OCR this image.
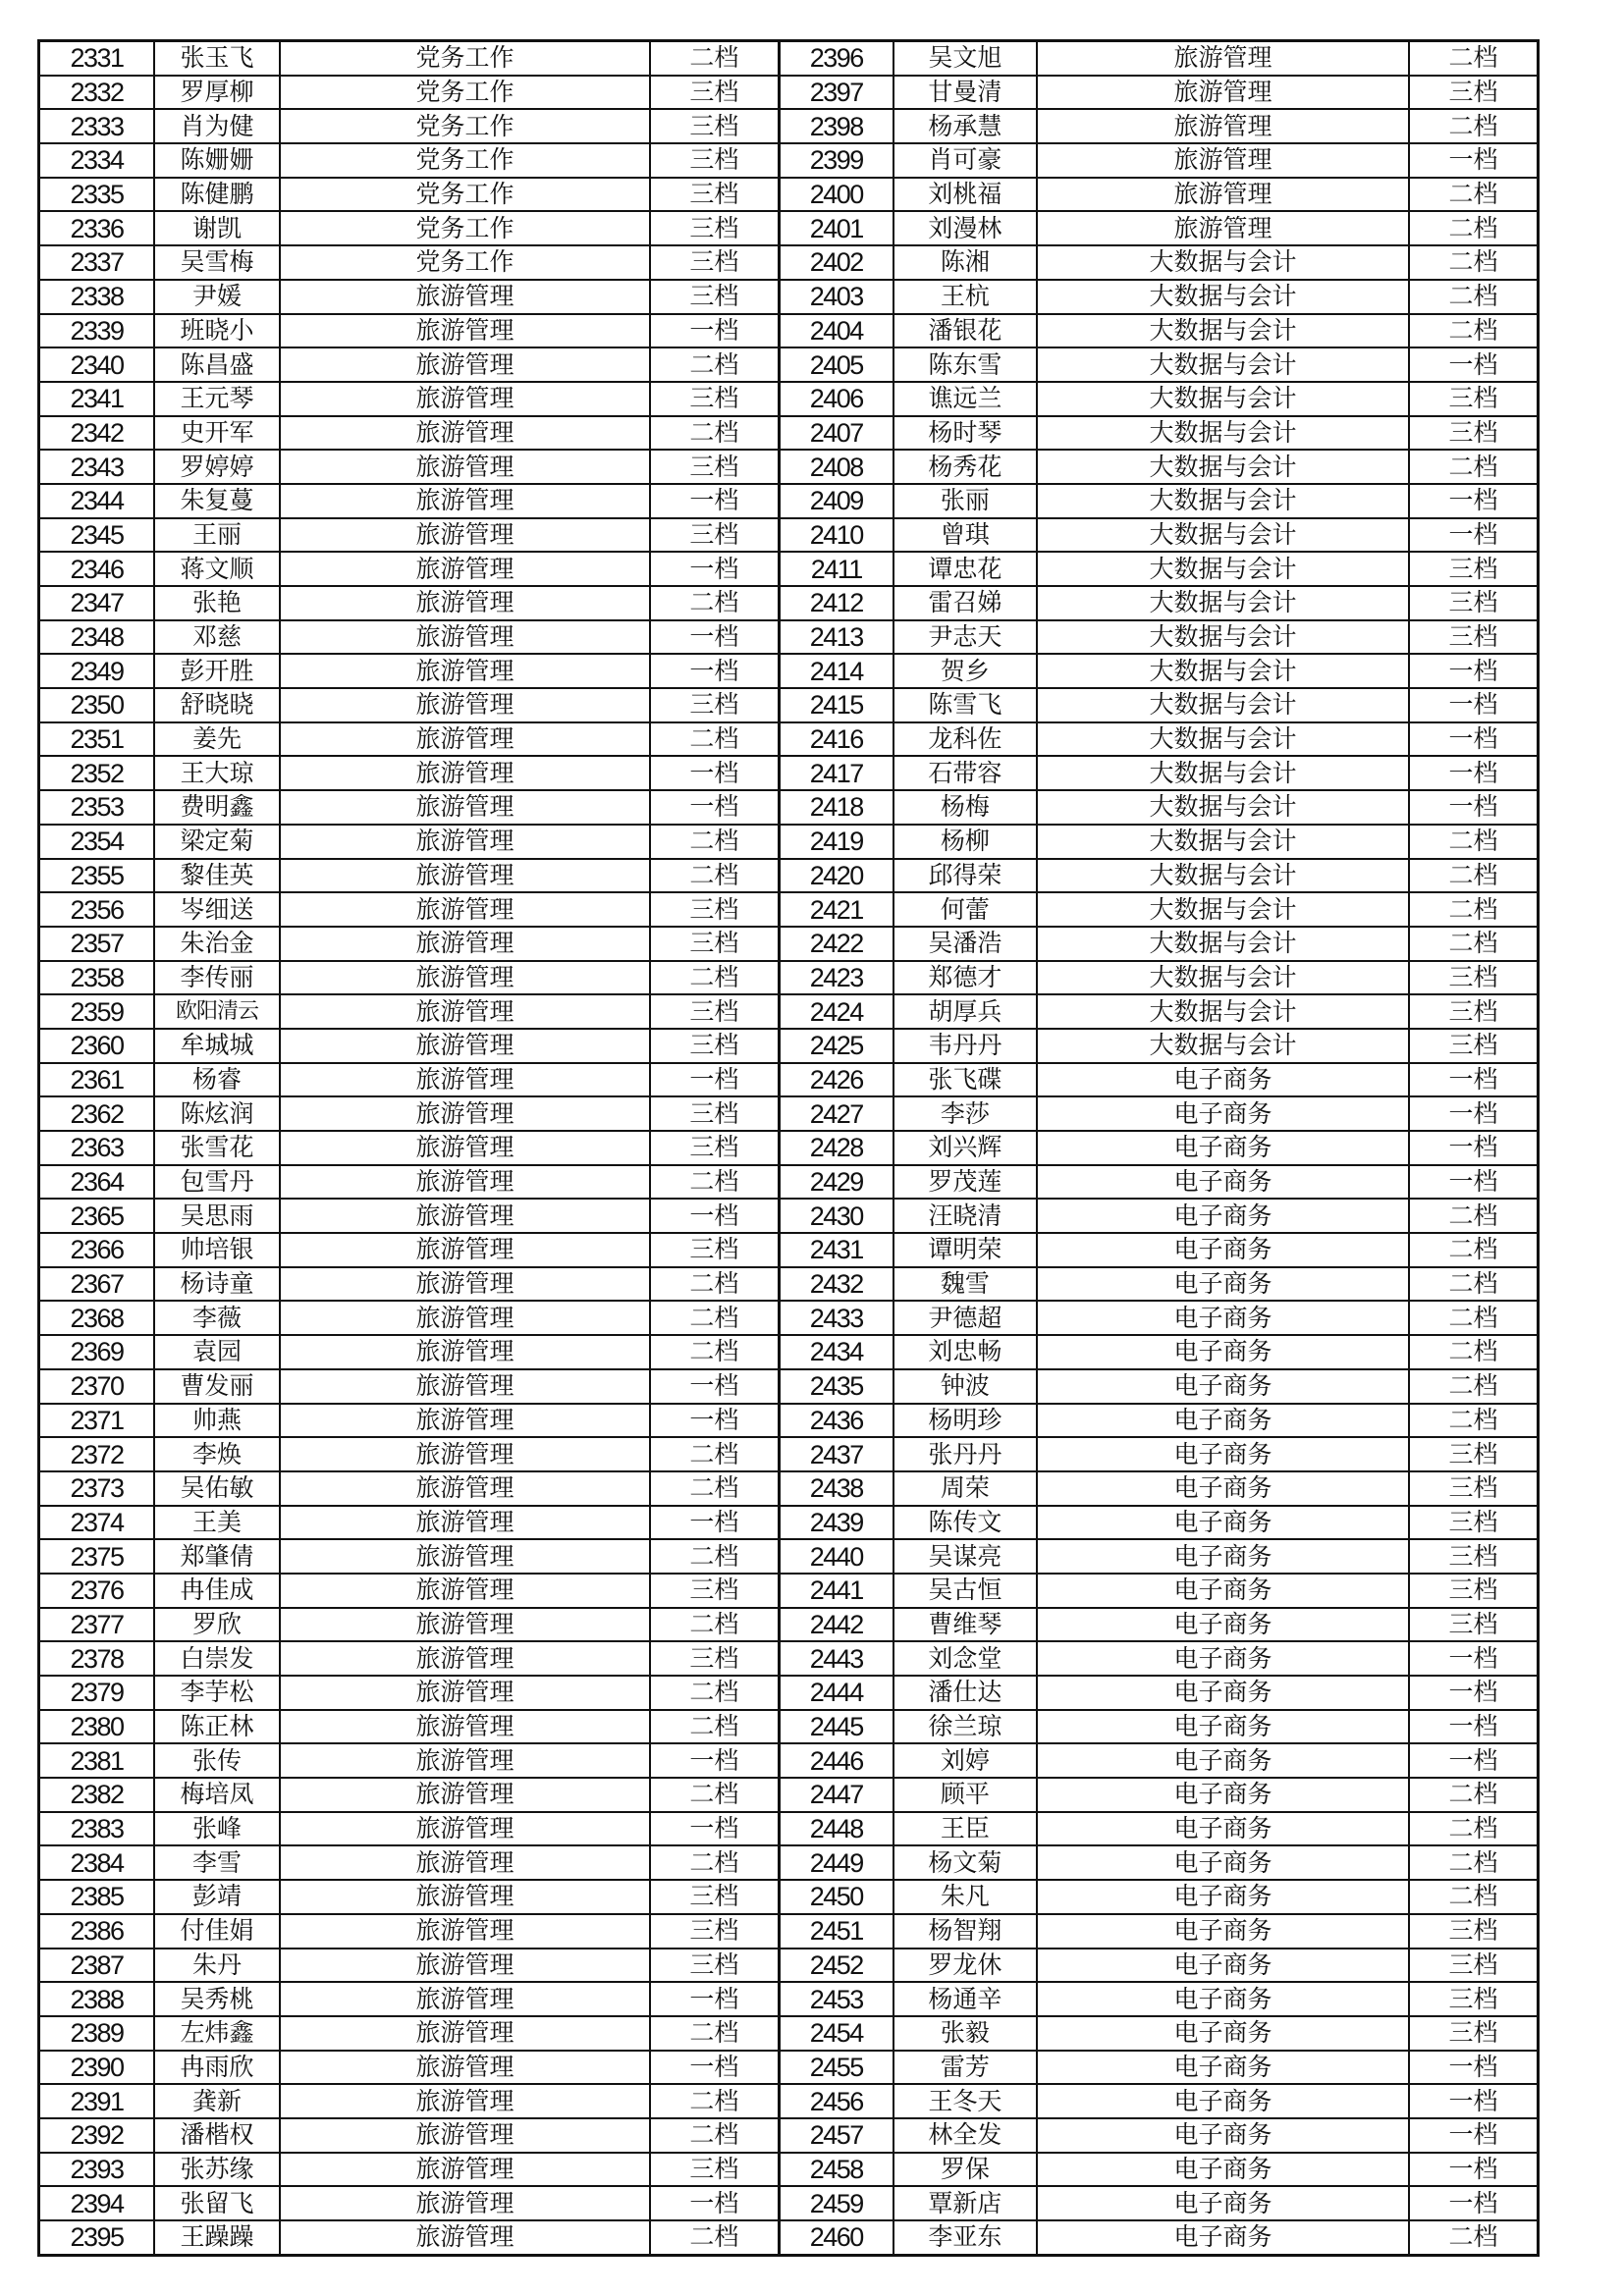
2331	张玉飞	党务工作	二档	2396	吴文旭	旅游管理	二档
2332	罗厚柳	党务工作	三档	2397	甘曼清	旅游管理	三档
2333	肖为健	党务工作	三档	2398	杨承慧	旅游管理	二档
2334	陈姗姗	党务工作	三档	2399	肖可豪	旅游管理	一档
2335	陈健鹏	党务工作	三档	2400	刘桃福	旅游管理	二档
2336	谢凯	党务工作	三档	2401	刘漫林	旅游管理	二档
2337	吴雪梅	党务工作	三档	2402	陈湘	大数据与会计	二档
2338	尹媛	旅游管理	三档	2403	王杭	大数据与会计	二档
2339	班晓小	旅游管理	一档	2404	潘银花	大数据与会计	二档
2340	陈昌盛	旅游管理	二档	2405	陈东雪	大数据与会计	一档
2341	王元琴	旅游管理	三档	2406	谯远兰	大数据与会计	三档
2342	史开军	旅游管理	二档	2407	杨时琴	大数据与会计	三档
2343	罗婷婷	旅游管理	三档	2408	杨秀花	大数据与会计	二档
2344	朱复蔓	旅游管理	一档	2409	张丽	大数据与会计	一档
2345	王丽	旅游管理	三档	2410	曾琪	大数据与会计	一档
2346	蒋文顺	旅游管理	一档	2411	谭忠花	大数据与会计	三档
2347	张艳	旅游管理	二档	2412	雷召娣	大数据与会计	三档
2348	邓慈	旅游管理	一档	2413	尹志天	大数据与会计	三档
2349	彭开胜	旅游管理	一档	2414	贺乡	大数据与会计	一档
2350	舒晓晓	旅游管理	三档	2415	陈雪飞	大数据与会计	一档
2351	姜先	旅游管理	二档	2416	龙科佐	大数据与会计	一档
2352	王大琼	旅游管理	一档	2417	石带容	大数据与会计	一档
2353	费明鑫	旅游管理	一档	2418	杨梅	大数据与会计	一档
2354	梁定菊	旅游管理	二档	2419	杨柳	大数据与会计	二档
2355	黎佳英	旅游管理	二档	2420	邱得荣	大数据与会计	二档
2356	岑细送	旅游管理	三档	2421	何蕾	大数据与会计	二档
2357	朱治金	旅游管理	三档	2422	吴潘浩	大数据与会计	二档
2358	李传丽	旅游管理	二档	2423	郑德才	大数据与会计	三档
2359	欧阳清云	旅游管理	三档	2424	胡厚兵	大数据与会计	三档
2360	牟城城	旅游管理	三档	2425	韦丹丹	大数据与会计	三档
2361	杨睿	旅游管理	一档	2426	张飞碟	电子商务	一档
2362	陈炫润	旅游管理	三档	2427	李莎	电子商务	一档
2363	张雪花	旅游管理	三档	2428	刘兴辉	电子商务	一档
2364	包雪丹	旅游管理	二档	2429	罗茂莲	电子商务	一档
2365	吴思雨	旅游管理	一档	2430	汪晓清	电子商务	二档
2366	帅培银	旅游管理	三档	2431	谭明荣	电子商务	二档
2367	杨诗童	旅游管理	二档	2432	魏雪	电子商务	二档
2368	李薇	旅游管理	二档	2433	尹德超	电子商务	二档
2369	袁园	旅游管理	二档	2434	刘忠畅	电子商务	二档
2370	曹发丽	旅游管理	一档	2435	钟波	电子商务	二档
2371	帅燕	旅游管理	一档	2436	杨明珍	电子商务	二档
2372	李焕	旅游管理	二档	2437	张丹丹	电子商务	三档
2373	吴佑敏	旅游管理	二档	2438	周荣	电子商务	三档
2374	王美	旅游管理	一档	2439	陈传文	电子商务	三档
2375	郑肇倩	旅游管理	二档	2440	吴谋亮	电子商务	三档
2376	冉佳成	旅游管理	三档	2441	吴古恒	电子商务	三档
2377	罗欣	旅游管理	二档	2442	曹维琴	电子商务	三档
2378	白崇发	旅游管理	三档	2443	刘念堂	电子商务	一档
2379	李芋松	旅游管理	二档	2444	潘仕达	电子商务	一档
2380	陈正林	旅游管理	二档	2445	徐兰琼	电子商务	一档
2381	张传	旅游管理	一档	2446	刘婷	电子商务	一档
2382	梅培凤	旅游管理	二档	2447	顾平	电子商务	二档
2383	张峰	旅游管理	一档	2448	王臣	电子商务	二档
2384	李雪	旅游管理	二档	2449	杨文菊	电子商务	二档
2385	彭靖	旅游管理	三档	2450	朱凡	电子商务	二档
2386	付佳娟	旅游管理	三档	2451	杨智翔	电子商务	三档
2387	朱丹	旅游管理	三档	2452	罗龙休	电子商务	三档
2388	吴秀桃	旅游管理	一档	2453	杨通辛	电子商务	三档
2389	左炜鑫	旅游管理	二档	2454	张毅	电子商务	三档
2390	冉雨欣	旅游管理	一档	2455	雷芳	电子商务	一档
2391	龚新	旅游管理	二档	2456	王冬天	电子商务	一档
2392	潘楷权	旅游管理	二档	2457	林全发	电子商务	一档
2393	张苏缘	旅游管理	三档	2458	罗保	电子商务	一档
2394	张留飞	旅游管理	一档	2459	覃新店	电子商务	一档
2395	王躁躁	旅游管理	二档	2460	李亚东	电子商务	二档
